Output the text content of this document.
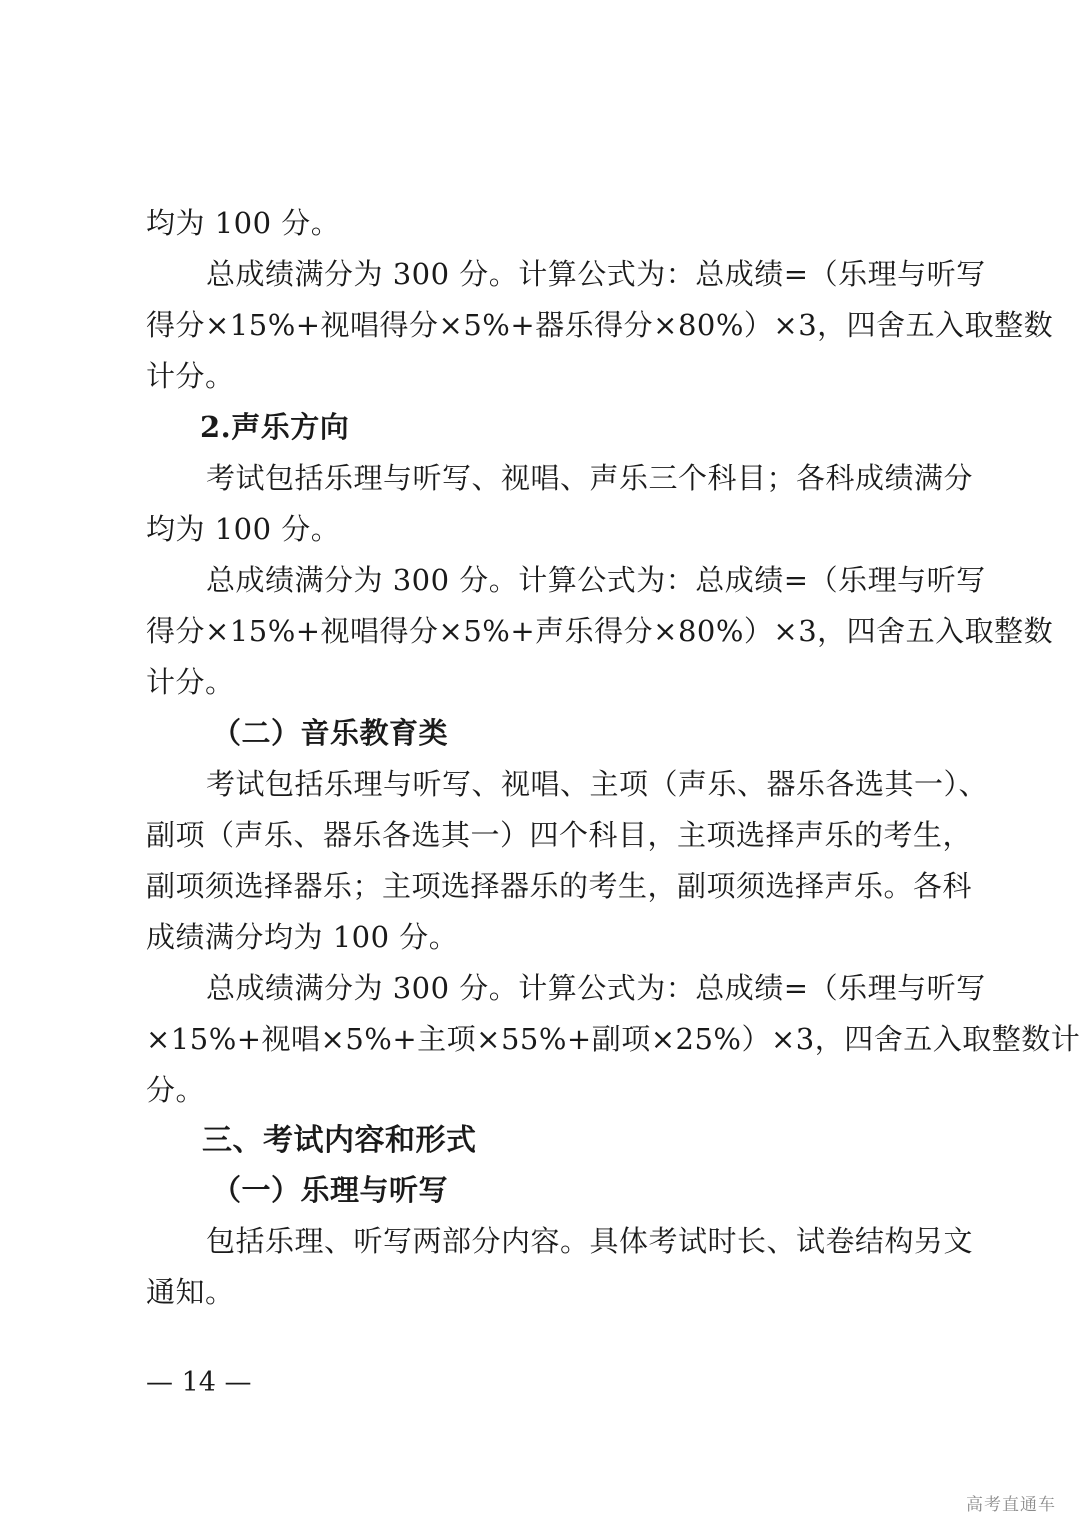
均为 100 分。
总成绩满分为 300 分。计算公式为：总成绩=（乐理与听写
得分×15%+视唱得分×5%+器乐得分×80%）×3，四舍五入取整数
计分。
2.声乐方向
考试包括乐理与听写、视唱、声乐三个科目；各科成绩满分
均为 100 分。
总成绩满分为 300 分。计算公式为：总成绩=（乐理与听写
得分×15%+视唱得分×5%+声乐得分×80%）×3，四舍五入取整数
计分。
（二）音乐教育类
考试包括乐理与听写、视唱、主项（声乐、器乐各选其一）、
副项（声乐、器乐各选其一）四个科目，主项选择声乐的考生，
副项须选择器乐；主项选择器乐的考生，副项须选择声乐。各科
成绩满分均为 100 分。
总成绩满分为 300 分。计算公式为：总成绩=（乐理与听写
×15%+视唱×5%+主项×55%+副项×25%）×3，四舍五入取整数计
分。
三、考试内容和形式
（一）乐理与听写
包括乐理、听写两部分内容。具体考试时长、试卷结构另文
通知。
— 14 —
高考直通车
